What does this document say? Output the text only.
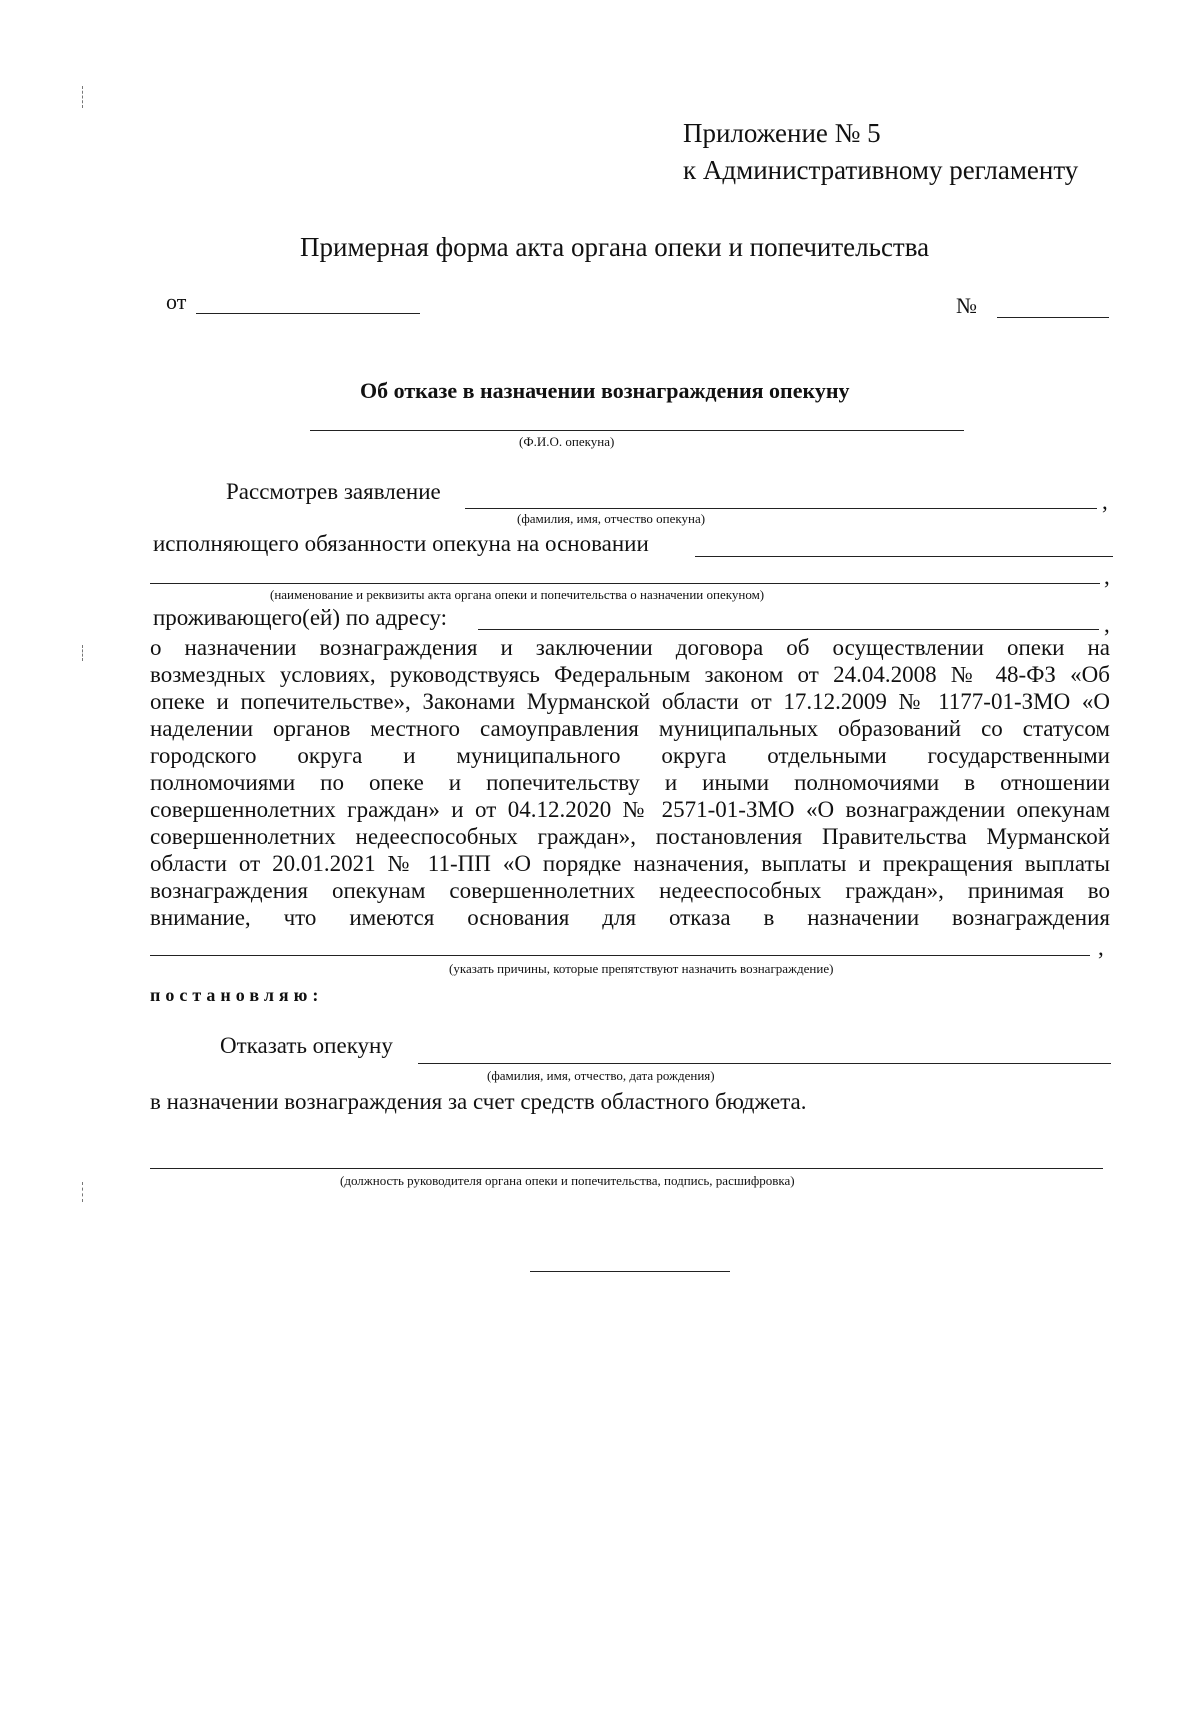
Приложение № 5
к Административному регламенту
Примерная форма акта органа опеки и попечительства
от	№
Об отказе в назначении вознаграждения опекуну
(Ф.И.О. опекуна)
Рассмотрев заявление	,
(фамилия, имя, отчество опекуна)
исполняющего обязанности опекуна на основании
,
(наименование и реквизиты акта органа опеки и попечительства о назначении опекуном)
проживающего(ей) по адресу:	,
о назначении вознаграждения и заключении договора об осуществлении опеки на
возмездных условиях, руководствуясь Федеральным законом от 24.04.2008 № 48-ФЗ «Об
опеке и попечительстве», Законами Мурманской области от 17.12.2009 № 1177-01-ЗМО «О
наделении органов местного самоуправления муниципальных образований со статусом
городского округа и муниципального округа отдельными государственными
полномочиями по опеке и попечительству и иными полномочиями в отношении
совершеннолетних граждан» и от 04.12.2020 № 2571-01-ЗМО «О вознаграждении опекунам
совершеннолетних недееспособных граждан», постановления Правительства Мурманской
области от 20.01.2021 № 11-ПП «О порядке назначения, выплаты и прекращения выплаты
вознаграждения опекунам совершеннолетних недееспособных граждан», принимая во
внимание, что имеются основания для отказа в назначении вознаграждения
,
(указать причины, которые препятствуют назначить вознаграждение)
постановляю:
Отказать опекуну
(фамилия, имя, отчество, дата рождения)
в назначении вознаграждения за счет средств областного бюджета.
(должность руководителя органа опеки и попечительства, подпись, расшифровка)
